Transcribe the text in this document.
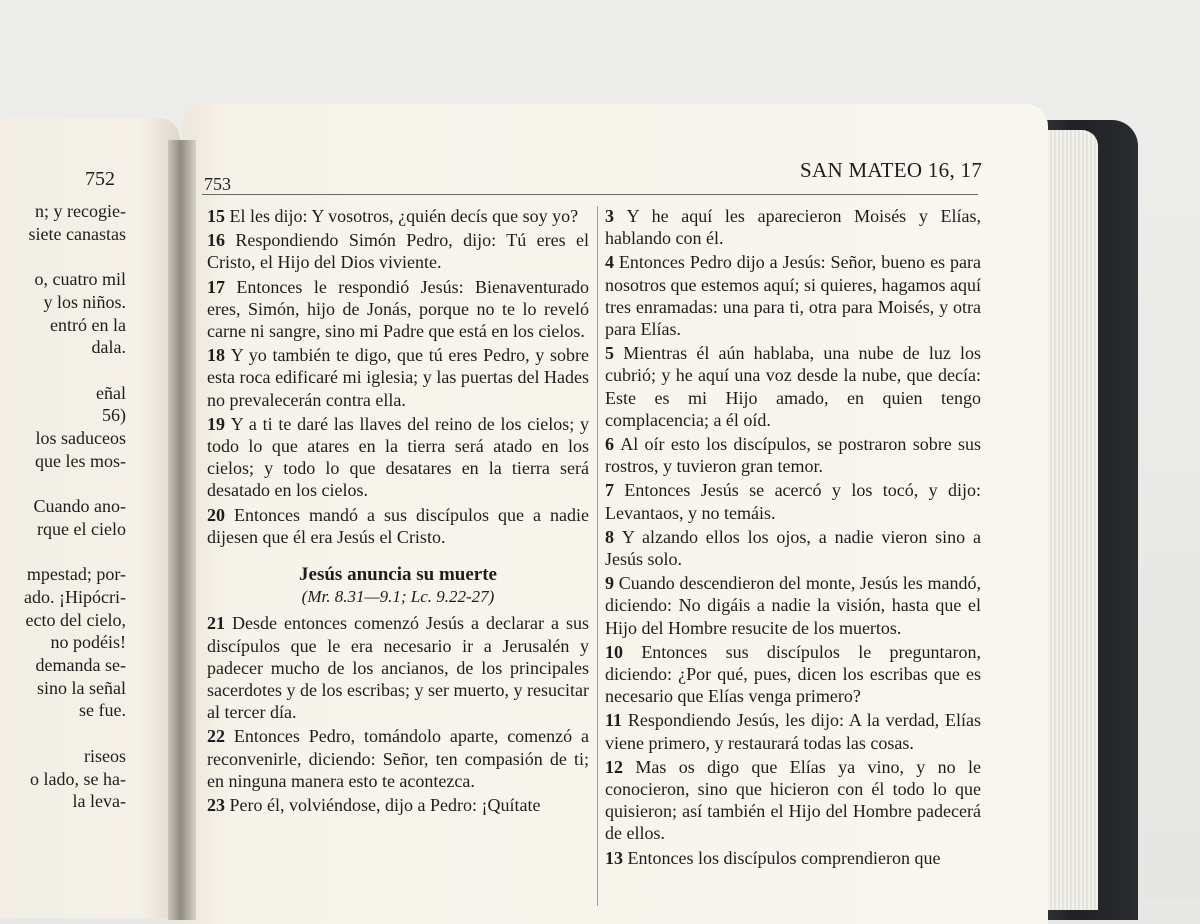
752
n; y recogie-
siete canastas

o, cuatro mil
y los niños.
entró en la
dala.

eñal
56)
los saduceos
que les mos-

Cuando ano-
rque el cielo

mpestad; por-
ado. ¡Hipócri-
ecto del cielo,
no podéis!
demanda se-
sino la señal
se fue.

riseos
o lado, se ha-
la leva-
753
SAN MATEO 16, 17

15 El les dijo: Y vosotros, ¿quién decís que soy yo?

16 Respondiendo Simón Pedro, dijo: Tú eres el Cristo, el Hijo del Dios viviente.

17 Entonces le respondió Jesús: Bienaventurado eres, Simón, hijo de Jonás, porque no te lo reveló carne ni sangre, sino mi Padre que está en los cielos.

18 Y yo también te digo, que tú eres Pedro, y sobre esta roca edificaré mi iglesia; y las puertas del Hades no prevalecerán contra ella.

19 Y a ti te daré las llaves del reino de los cielos; y todo lo que atares en la tierra será atado en los cielos; y todo lo que desatares en la tierra será desatado en los cielos.

20 Entonces mandó a sus discípulos que a nadie dijesen que él era Jesús el Cristo.

Jesús anuncia su muerte
(Mr. 8.31—9.1; Lc. 9.22-27)

21 Desde entonces comenzó Jesús a declarar a sus discípulos que le era necesario ir a Jerusalén y padecer mucho de los ancianos, de los principales sacerdotes y de los escribas; y ser muerto, y resucitar al tercer día.

22 Entonces Pedro, tomándolo aparte, comenzó a reconvenirle, diciendo: Señor, ten compasión de ti; en ninguna manera esto te acontezca.

23 Pero él, volviéndose, dijo a Pedro: ¡Quítate

3 Y he aquí les aparecieron Moisés y Elías, hablando con él.

4 Entonces Pedro dijo a Jesús: Señor, bueno es para nosotros que estemos aquí; si quieres, hagamos aquí tres enramadas: una para ti, otra para Moisés, y otra para Elías.

5 Mientras él aún hablaba, una nube de luz los cubrió; y he aquí una voz desde la nube, que decía: Este es mi Hijo amado, en quien tengo complacencia; a él oíd.

6 Al oír esto los discípulos, se postraron sobre sus rostros, y tuvieron gran temor.

7 Entonces Jesús se acercó y los tocó, y dijo: Levantaos, y no temáis.

8 Y alzando ellos los ojos, a nadie vieron sino a Jesús solo.

9 Cuando descendieron del monte, Jesús les mandó, diciendo: No digáis a nadie la visión, hasta que el Hijo del Hombre resucite de los muertos.

10 Entonces sus discípulos le preguntaron, diciendo: ¿Por qué, pues, dicen los escribas que es necesario que Elías venga primero?

11 Respondiendo Jesús, les dijo: A la verdad, Elías viene primero, y restaurará todas las cosas.

12 Mas os digo que Elías ya vino, y no le conocieron, sino que hicieron con él todo lo que quisieron; así también el Hijo del Hombre padecerá de ellos.

13 Entonces los discípulos comprendieron que
